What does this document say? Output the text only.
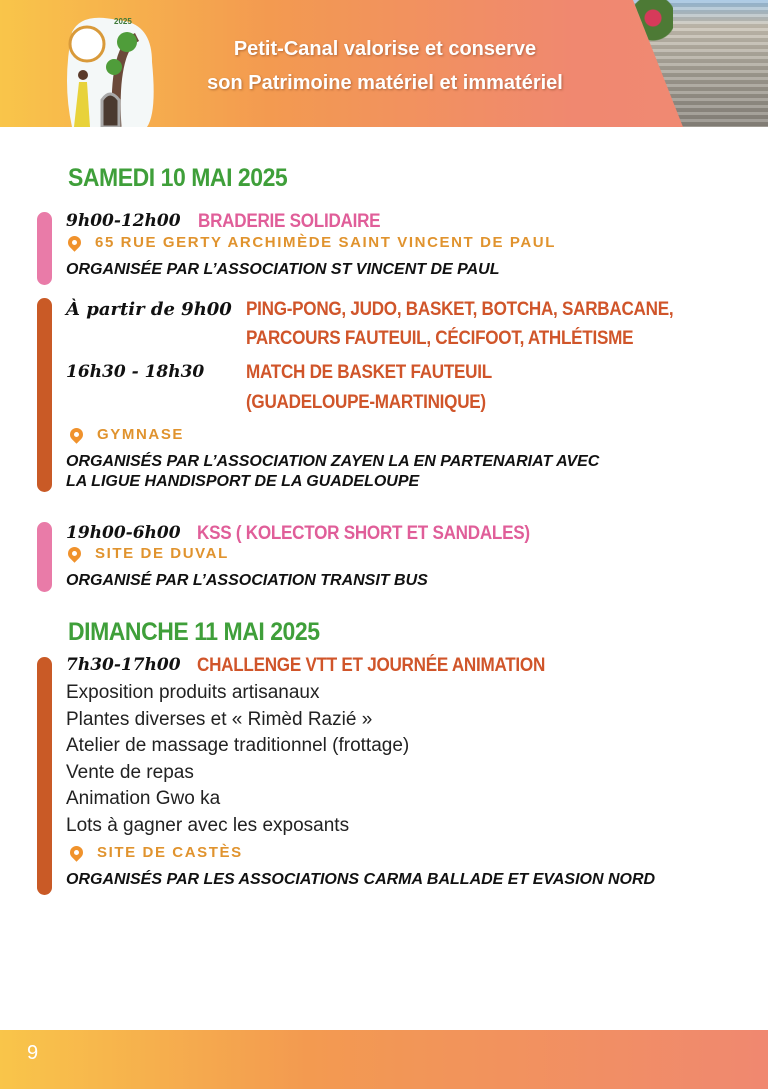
2025
Petit-Canal valorise et conserve
son Patrimoine matériel et immatériel
SAMEDI 10 MAI 2025
9h00-12h00 BRADERIE SOLIDAIRE
65 RUE GERTY ARCHIMÈDE SAINT VINCENT DE PAUL
ORGANISÉE PAR L’ASSOCIATION ST VINCENT DE PAUL
À partir de 9h00 PING-PONG, JUDO, BASKET, BOTCHA, SARBACANE,
PARCOURS FAUTEUIL, CÉCIFOOT, ATHLÉTISME
16h30 - 18h30 MATCH DE BASKET FAUTEUIL
(GUADELOUPE-MARTINIQUE)
GYMNASE
ORGANISÉS PAR L’ASSOCIATION ZAYEN LA EN PARTENARIAT AVEC
LA LIGUE HANDISPORT DE LA GUADELOUPE
19h00-6h00 KSS ( KOLECTOR SHORT ET SANDALES)
SITE DE DUVAL
ORGANISÉ PAR L’ASSOCIATION TRANSIT BUS
DIMANCHE 11 MAI 2025
7h30-17h00 CHALLENGE VTT ET JOURNÉE ANIMATION
Exposition produits artisanaux
Plantes diverses et « Rimèd Razié »
Atelier de massage traditionnel (frottage)
Vente de repas
Animation Gwo ka
Lots à gagner avec les exposants
SITE DE CASTÈS
ORGANISÉS PAR LES ASSOCIATIONS CARMA BALLADE ET EVASION NORD
9
